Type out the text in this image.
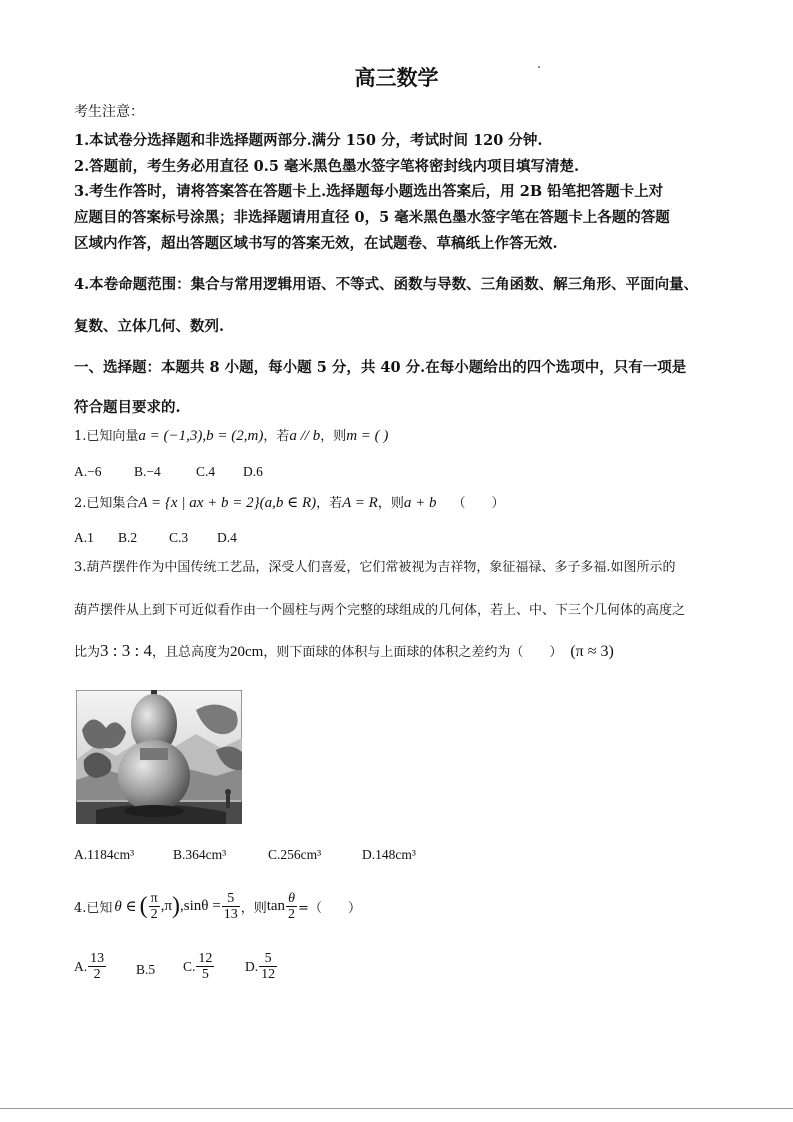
高三数学
考生注意：
1.本试卷分选择题和非选择题两部分.满分 150 分，考试时间 120 分钟.
2.答题前，考生务必用直径 0.5 毫米黑色墨水签字笔将密封线内项目填写清楚.
3.考生作答时，请将答案答在答题卡上.选择题每小题选出答案后，用 2B 铅笔把答题卡上对
应题目的答案标号涂黑；非选择题请用直径 0，5 毫米黑色墨水签字笔在答题卡上各题的答题
区域内作答，超出答题区域书写的答案无效，在试题卷、草稿纸上作答无效.
4.本卷命题范围：集合与常用逻辑用语、不等式、函数与导数、三角函数、解三角形、平面向量、
复数、立体几何、数列.
一、选择题：本题共 8 小题，每小题 5 分，共 40 分.在每小题给出的四个选项中，只有一项是
符合题目要求的.
1.已知向量a = (−1,3),b = (2,m)，若a // b，则m = ( )
A.−6 B.−4	C.4 D.6
2.已知集合A = {x | ax + b = 2}(a,b ∈ R)，若A = R，则a + b （　　）
A.1 B.2 C.3 D.4
3.葫芦摆件作为中国传统工艺品，深受人们喜爱，它们常被视为吉祥物，象征福禄、多子多福.如图所示的
葫芦摆件从上到下可近似看作由一个圆柱与两个完整的球组成的几何体，若上、中、下三个几何体的高度之
比为3 : 3 : 4，且总高度为20cm，则下面球的体积与上面球的体积之差约为（　　） (π ≈ 3)
A.1184cm³	B.364cm³	C.256cm³	D.148cm³
4.已知 θ ∈ ( $\frac{\pi}{2} ,\pi$ ) $,\sin\theta = \frac{5}{13}$ ，则 $\tan \frac{\theta}{2}$ =（　　）
A. $\frac{13}{2} B.5$ C. $\frac{12}{5} D$. $\frac{5}{12}$
